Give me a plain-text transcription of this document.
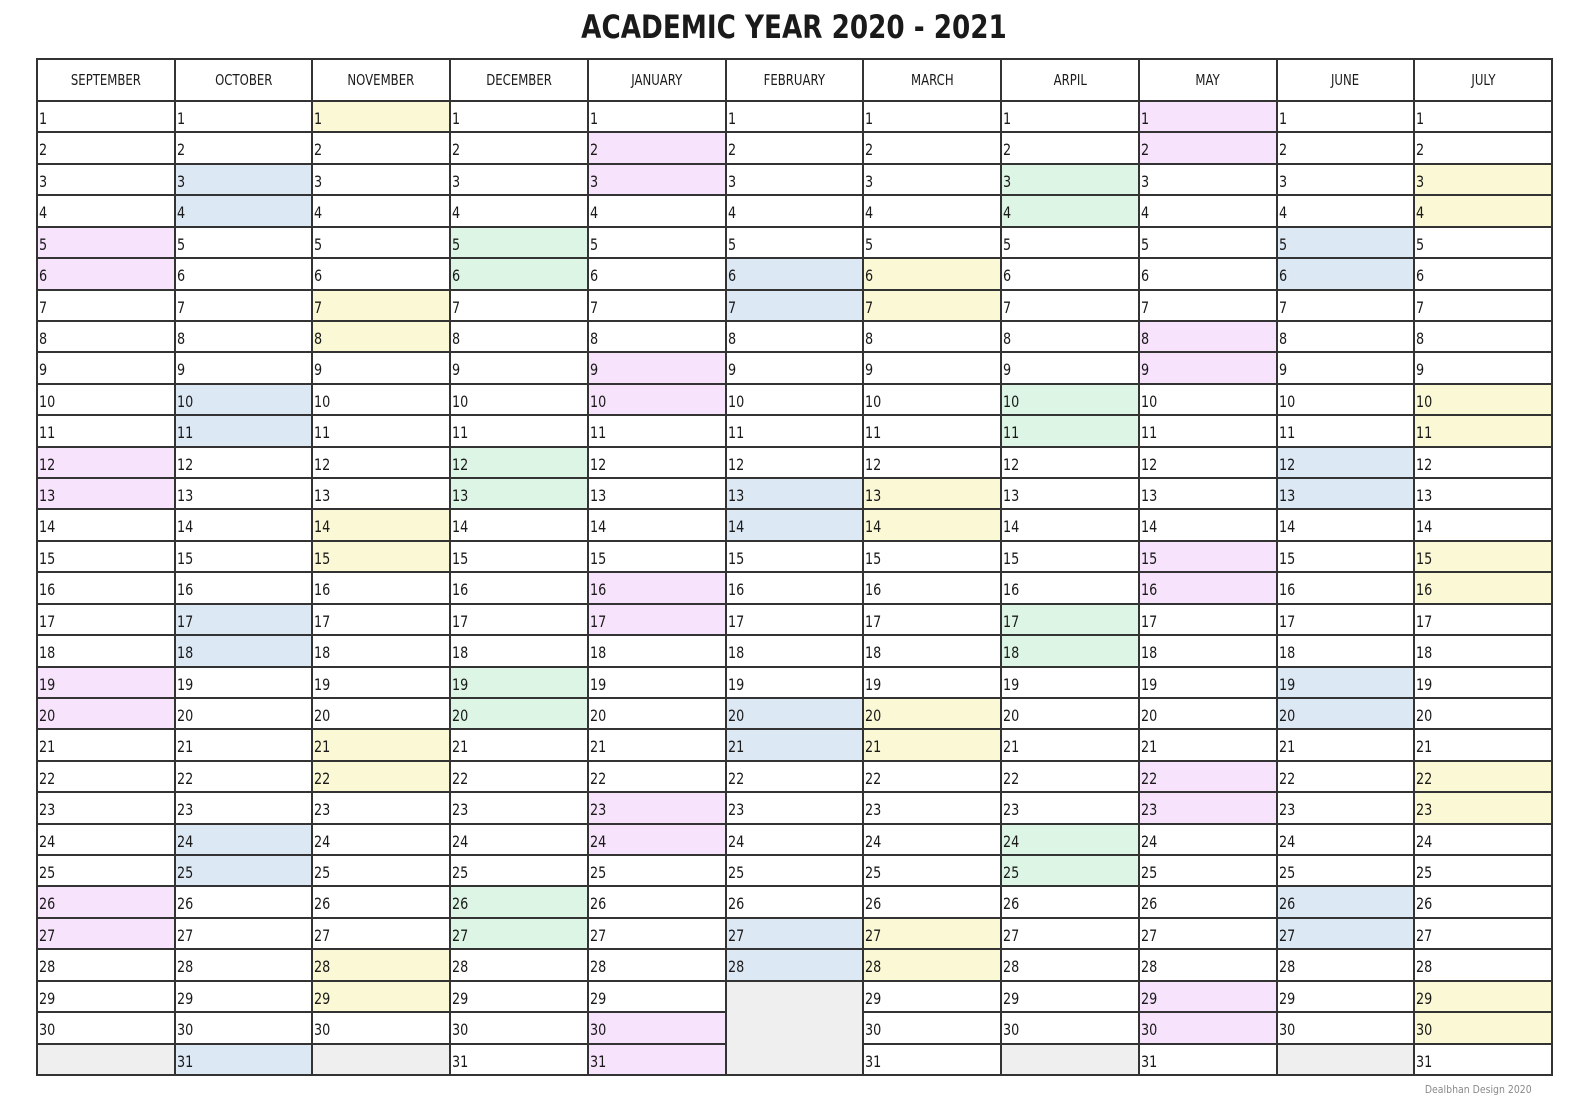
ACADEMIC YEAR 2020 - 2021
SEPTEMBER
1
2
3
4
5
6
7
8
9
10
11
12
13
14
15
16
17
18
19
20
21
22
23
24
25
26
27
28
29
30
OCTOBER
1
2
3
4
5
6
7
8
9
10
11
12
13
14
15
16
17
18
19
20
21
22
23
24
25
26
27
28
29
30
31
NOVEMBER
1
2
3
4
5
6
7
8
9
10
11
12
13
14
15
16
17
18
19
20
21
22
23
24
25
26
27
28
29
30
DECEMBER
1
2
3
4
5
6
7
8
9
10
11
12
13
14
15
16
17
18
19
20
21
22
23
24
25
26
27
28
29
30
31
JANUARY
1
2
3
4
5
6
7
8
9
10
11
12
13
14
15
16
17
18
19
20
21
22
23
24
25
26
27
28
29
30
31
FEBRUARY
1
2
3
4
5
6
7
8
9
10
11
12
13
14
15
16
17
18
19
20
21
22
23
24
25
26
27
28
MARCH
1
2
3
4
5
6
7
8
9
10
11
12
13
14
15
16
17
18
19
20
21
22
23
24
25
26
27
28
29
30
31
ARPIL
1
2
3
4
5
6
7
8
9
10
11
12
13
14
15
16
17
18
19
20
21
22
23
24
25
26
27
28
29
30
MAY
1
2
3
4
5
6
7
8
9
10
11
12
13
14
15
16
17
18
19
20
21
22
23
24
25
26
27
28
29
30
31
JUNE
1
2
3
4
5
6
7
8
9
10
11
12
13
14
15
16
17
18
19
20
21
22
23
24
25
26
27
28
29
30
JULY
1
2
3
4
5
6
7
8
9
10
11
12
13
14
15
16
17
18
19
20
21
22
23
24
25
26
27
28
29
30
31
Dealbhan Design 2020
